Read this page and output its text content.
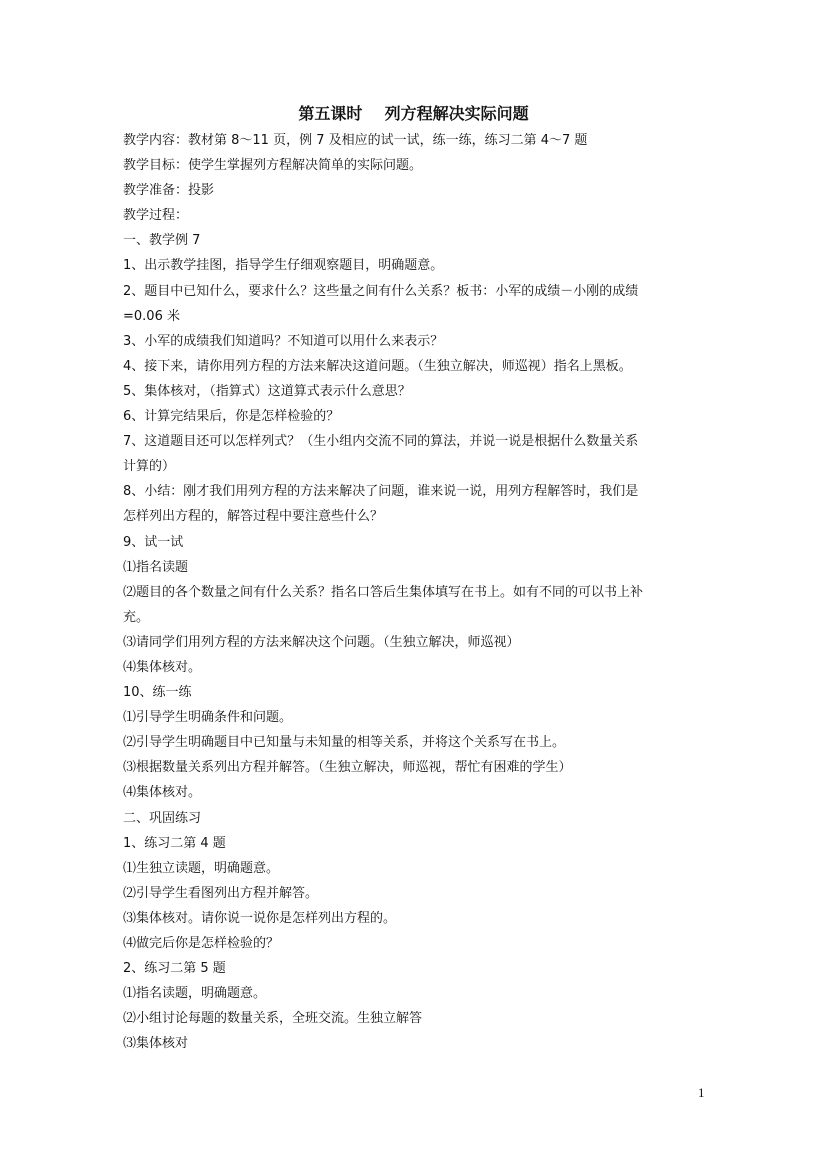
第五课时    列方程解决实际问题
教学内容：教材第 8～11 页，例 7 及相应的试一试，练一练，练习二第 4～7 题
教学目标：使学生掌握列方程解决简单的实际问题。
教学准备：投影
教学过程：
一、教学例 7
1、出示教学挂图，指导学生仔细观察题目，明确题意。
2、题目中已知什么，要求什么？这些量之间有什么关系？板书：小军的成绩－小刚的成绩
=0.06 米
3、小军的成绩我们知道吗？不知道可以用什么来表示？
4、接下来，请你用列方程的方法来解决这道问题。（生独立解决，师巡视）指名上黑板。
5、集体核对，（指算式）这道算式表示什么意思？
6、计算完结果后，你是怎样检验的？
7、这道题目还可以怎样列式？（生小组内交流不同的算法，并说一说是根据什么数量关系
计算的）
8、小结：刚才我们用列方程的方法来解决了问题，谁来说一说，用列方程解答时，我们是
怎样列出方程的，解答过程中要注意些什么？
9、试一试
⑴指名读题
⑵题目的各个数量之间有什么关系？指名口答后生集体填写在书上。如有不同的可以书上补
充。
⑶请同学们用列方程的方法来解决这个问题。（生独立解决，师巡视）
⑷集体核对。
10、练一练
⑴引导学生明确条件和问题。
⑵引导学生明确题目中已知量与未知量的相等关系，并将这个关系写在书上。
⑶根据数量关系列出方程并解答。（生独立解决，师巡视，帮忙有困难的学生）
⑷集体核对。
二、巩固练习
1、练习二第 4 题
⑴生独立读题，明确题意。
⑵引导学生看图列出方程并解答。
⑶集体核对。请你说一说你是怎样列出方程的。
⑷做完后你是怎样检验的？
2、练习二第 5 题
⑴指名读题，明确题意。
⑵小组讨论每题的数量关系，全班交流。生独立解答
⑶集体核对
1
